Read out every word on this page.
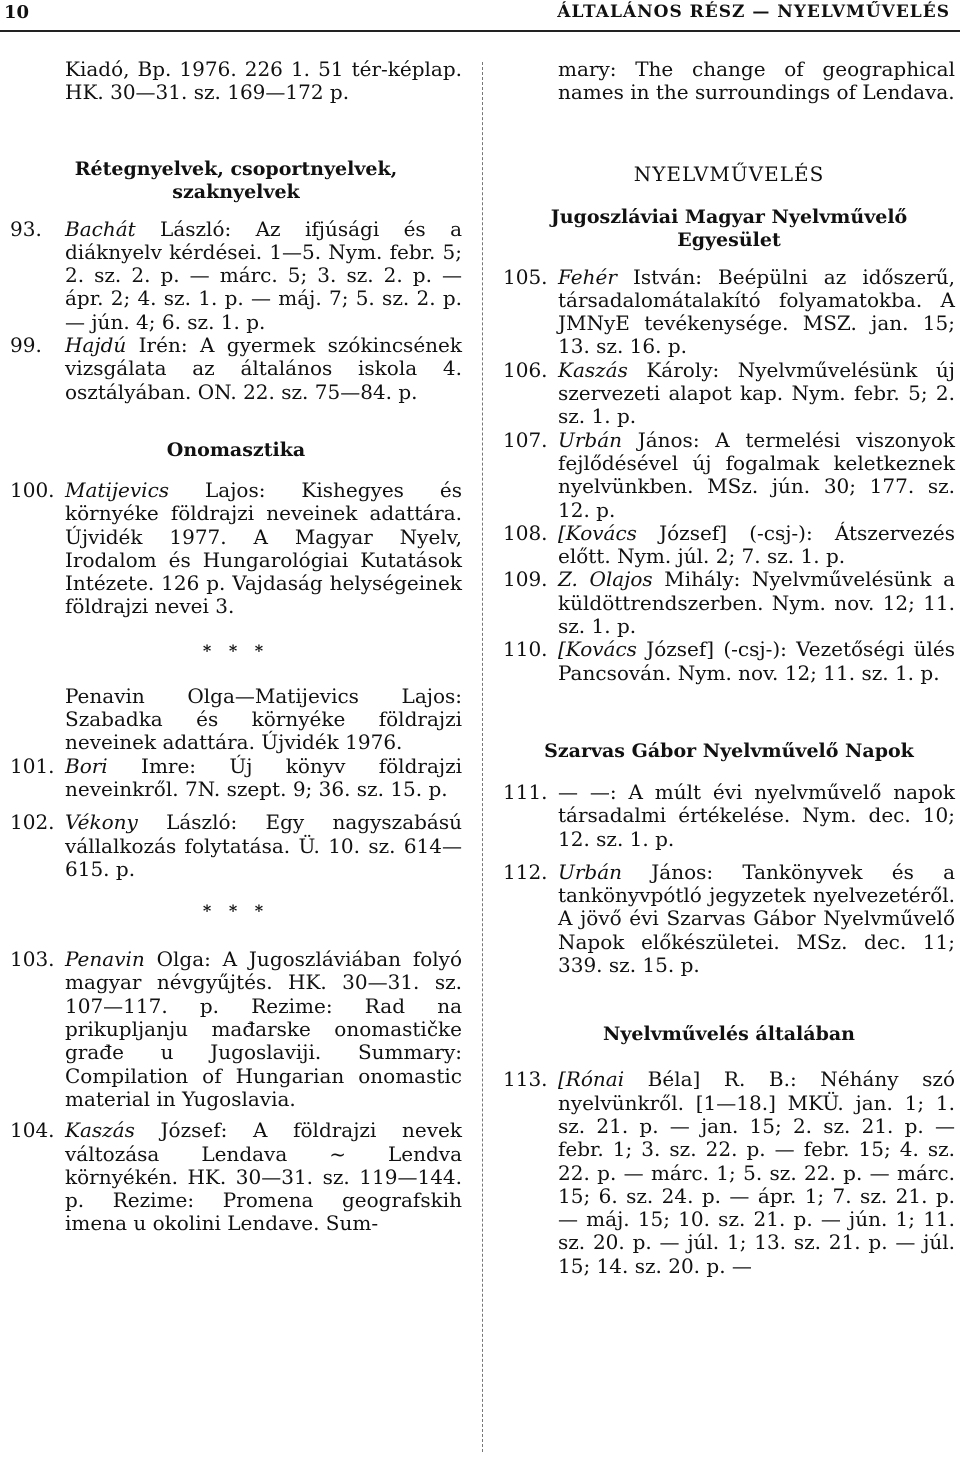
10	ÁLTALÁNOS RÉSZ — NYELVMŰVELÉS

Kiadó, Bp. 1976. 226 1. 51 tér-képlap. HK. 30—31. sz. 169—172 p.

Rétegnyelvek, csoportnyelvek, szaknyelvek

93.	Bachát László: Az ifjúsági és a diáknyelv kérdései. 1—5. Nym. febr. 5; 2. sz. 2. p. — márc. 5; 3. sz. 2. p. — ápr. 2; 4. sz. 1. p. — máj. 7; 5. sz. 2. p. — jún. 4; 6. sz. 1. p.

99.	Hajdú Irén: A gyermek szókincsének vizsgálata az általános iskola 4. osztályában. ON. 22. sz. 75—84. p.

Onomasztika

100. Matijevics Lajos: Kishegyes és környéke földrajzi neveinek adattára. Újvidék 1977. A Magyar Nyelv, Irodalom és Hungarológiai Kutatások Intézete. 126 p. Vajdaság helységeinek földrajzi nevei 3.

* * *

Penavin Olga—Matijevics Lajos: Szabadka és környéke földrajzi neveinek adattára. Újvidék 1976.

101. Bori Imre: Új könyv földrajzi neveinkről. 7N. szept. 9; 36. sz. 15. p.

102. Vékony László: Egy nagyszabású vállalkozás folytatása. Ü. 10. sz. 614—615. p.

* * *

103. Penavin Olga: A Jugoszláviában folyó magyar névgyűjtés. HK. 30—31. sz. 107—117. p. Rezime: Rad na prikupljanju mađarske onomastičke građe u Jugoslaviji. Summary: Compilation of Hungarian onomastic material in Yugoslavia.

104. Kaszás József: A földrajzi nevek változása Lendava ~ Lendva környékén. HK. 30—31. sz. 119—144. p. Rezime: Promena geografskih imena u okolini Lendave. Sum-

mary: The change of geographical names in the surroundings of Lendava.

NYELVMŰVELÉS

Jugoszláviai Magyar Nyelvművelő Egyesület

105. Fehér István: Beépülni az időszerű, társadalomátalakító folyamatokba. A JMNyE tevékenysége. MSZ. jan. 15; 13. sz. 16. p.

106. Kaszás Károly: Nyelvművelésünk új szervezeti alapot kap. Nym. febr. 5; 2. sz. 1. p.

107. Urbán János: A termelési viszonyok fejlődésével új fogalmak keletkeznek nyelvünkben. MSz. jún. 30; 177. sz. 12. p.

108. [Kovács József] (-csj-): Átszervezés előtt. Nym. júl. 2; 7. sz. 1. p.

109. Z. Olajos Mihály: Nyelvművelésünk a küldöttrendszerben. Nym. nov. 12; 11. sz. 1. p.

110. [Kovács József] (-csj-): Vezetőségi ülés Pancsován. Nym. nov. 12; 11. sz. 1. p.

Szarvas Gábor Nyelvművelő Napok

111. — —: A múlt évi nyelvművelő napok társadalmi értékelése. Nym. dec. 10; 12. sz. 1. p.

112. Urbán János: Tankönyvek és a tankönyvpótló jegyzetek nyelvezetéről. A jövő évi Szarvas Gábor Nyelvművelő Napok előkészületei. MSz. dec. 11; 339. sz. 15. p.

Nyelvművelés általában

113. [Rónai Béla] R. B.: Néhány szó nyelvünkről. [1—18.] MKÜ. jan. 1; 1. sz. 21. p. — jan. 15; 2. sz. 21. p. — febr. 1; 3. sz. 22. p. — febr. 15; 4. sz. 22. p. — márc. 1; 5. sz. 22. p. — márc. 15; 6. sz. 24. p. — ápr. 1; 7. sz. 21. p. — máj. 15; 10. sz. 21. p. — jún. 1; 11. sz. 20. p. — júl. 1; 13. sz. 21. p. — júl. 15; 14. sz. 20. p. —
